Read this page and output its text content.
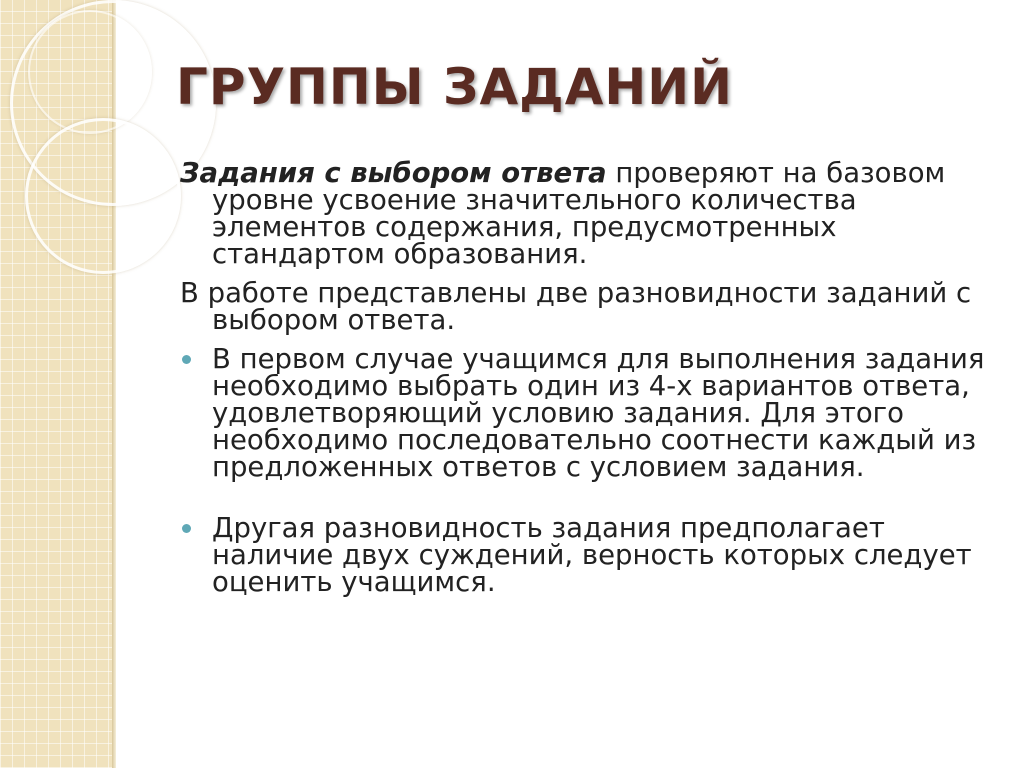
ГРУППЫ ЗАДАНИЙ
Задания с выбором ответа проверяют на базовом уровне усвоение значительного количества элементов содержания, предусмотренных стандартом образования.
В работе представлены две разновидности заданий с выбором ответа.
В первом случае учащимся для выполнения задания необходимо выбрать один из 4-х вариантов ответа, удовлетворяющий условию задания. Для этого необходимо последовательно соотнести каждый из предложенных ответов с условием задания.
Другая разновидность задания предполагает наличие двух суждений, верность которых следует оценить учащимся.
